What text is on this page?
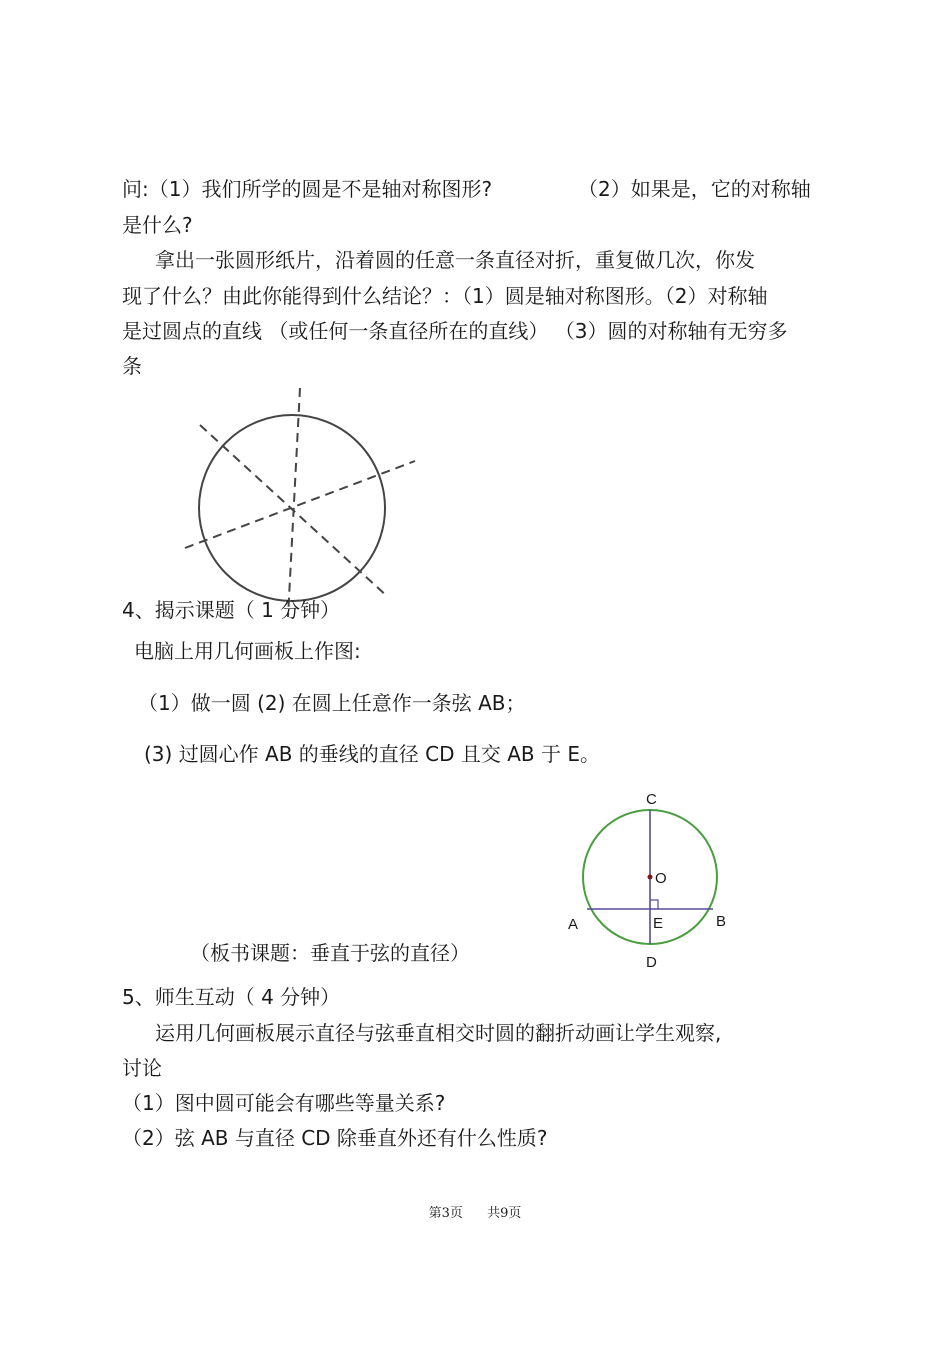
问:（1）我们所学的圆是不是轴对称图形?	（2）如果是，它的对称轴
是什么?
拿出一张圆形纸片，沿着圆的任意一条直径对折，重复做几次，你发
现了什么？由此你能得到什么结论？：（1）圆是轴对称图形。（2）对称轴
是过圆点的直线 （或任何一条直径所在的直线） （3）圆的对称轴有无穷多
条
4、揭示课题（ 1 分钟）
电脑上用几何画板上作图:
（1）做一圆 (2) 在圆上任意作一条弦 AB；
(3) 过圆心作 AB 的垂线的直径 CD 且交 AB 于 E。
C
O
E
A	B
D
（板书课题：垂直于弦的直径）
5、师生互动（ 4 分钟）
运用几何画板展示直径与弦垂直相交时圆的翻折动画让学生观察,
讨论
（1）图中圆可能会有哪些等量关系?
（2）弦 AB 与直径 CD 除垂直外还有什么性质?
第3页 共9页
